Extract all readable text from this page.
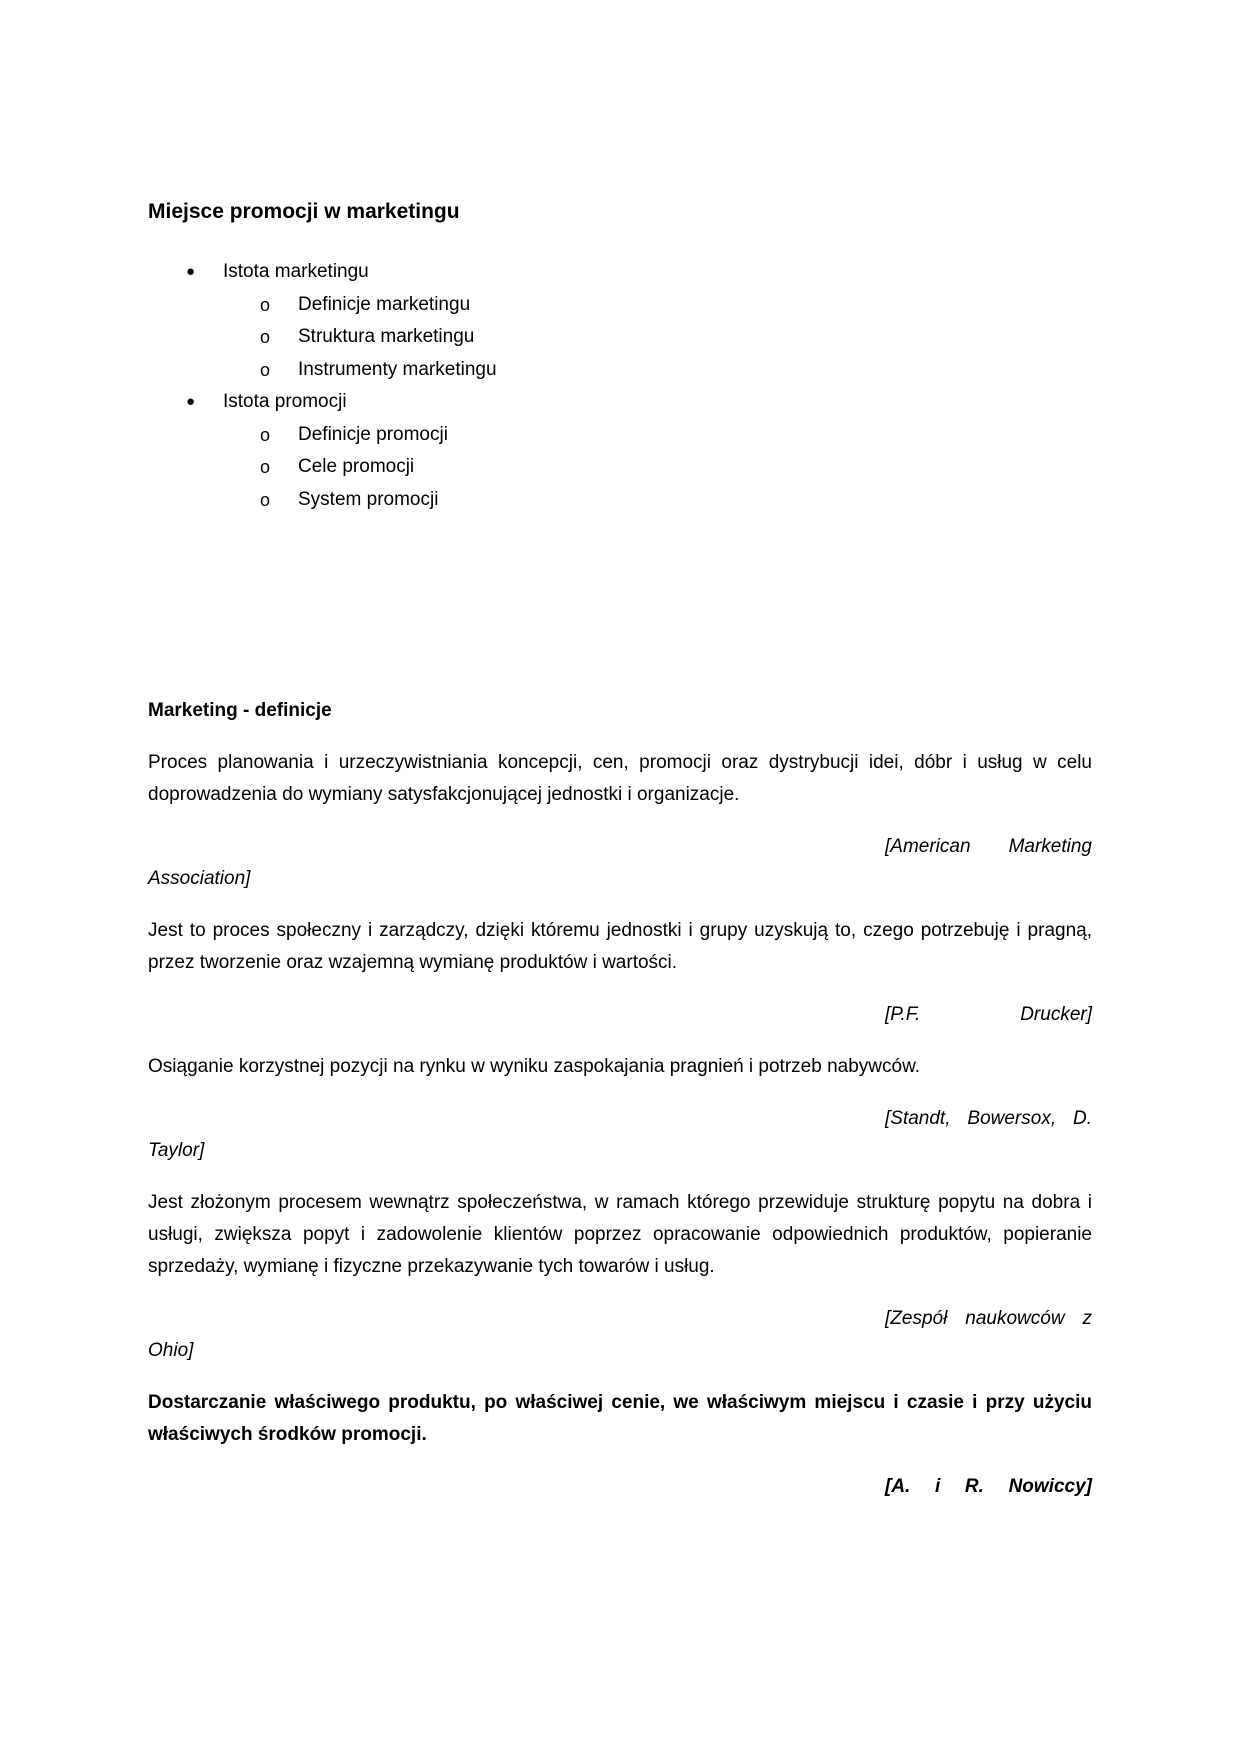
Miejsce promocji w marketingu
● Istota marketingu
o Definicje marketingu
o Struktura marketingu
o Instrumenty marketingu
● Istota promocji
o Definicje promocji
o Cele promocji
o System promocji
Marketing - definicje

Proces planowania i urzeczywistniania koncepcji, cen, promocji oraz dystrybucji idei, dóbr i usług w celu doprowadzenia do wymiany satysfakcjonującej jednostki i organizacje.

[American Marketing
Association]

Jest to proces społeczny i zarządczy, dzięki któremu jednostki i grupy uzyskują to, czego potrzebuję i pragną, przez tworzenie oraz wzajemną wymianę produktów i wartości.

[P.F. Drucker]

Osiąganie korzystnej pozycji na rynku w wyniku zaspokajania pragnień i potrzeb nabywców.

[Standt, Bowersox, D.
Taylor]

Jest złożonym procesem wewnątrz społeczeństwa, w ramach którego przewiduje strukturę popytu na dobra i usługi, zwiększa popyt i zadowolenie klientów poprzez opracowanie odpowiednich produktów, popieranie sprzedaży, wymianę i fizyczne przekazywanie tych towarów i usług.

[Zespół naukowców z
Ohio]

Dostarczanie właściwego produktu, po właściwej cenie, we właściwym miejscu i czasie i przy użyciu właściwych środków promocji.

[A. i R. Nowiccy]
